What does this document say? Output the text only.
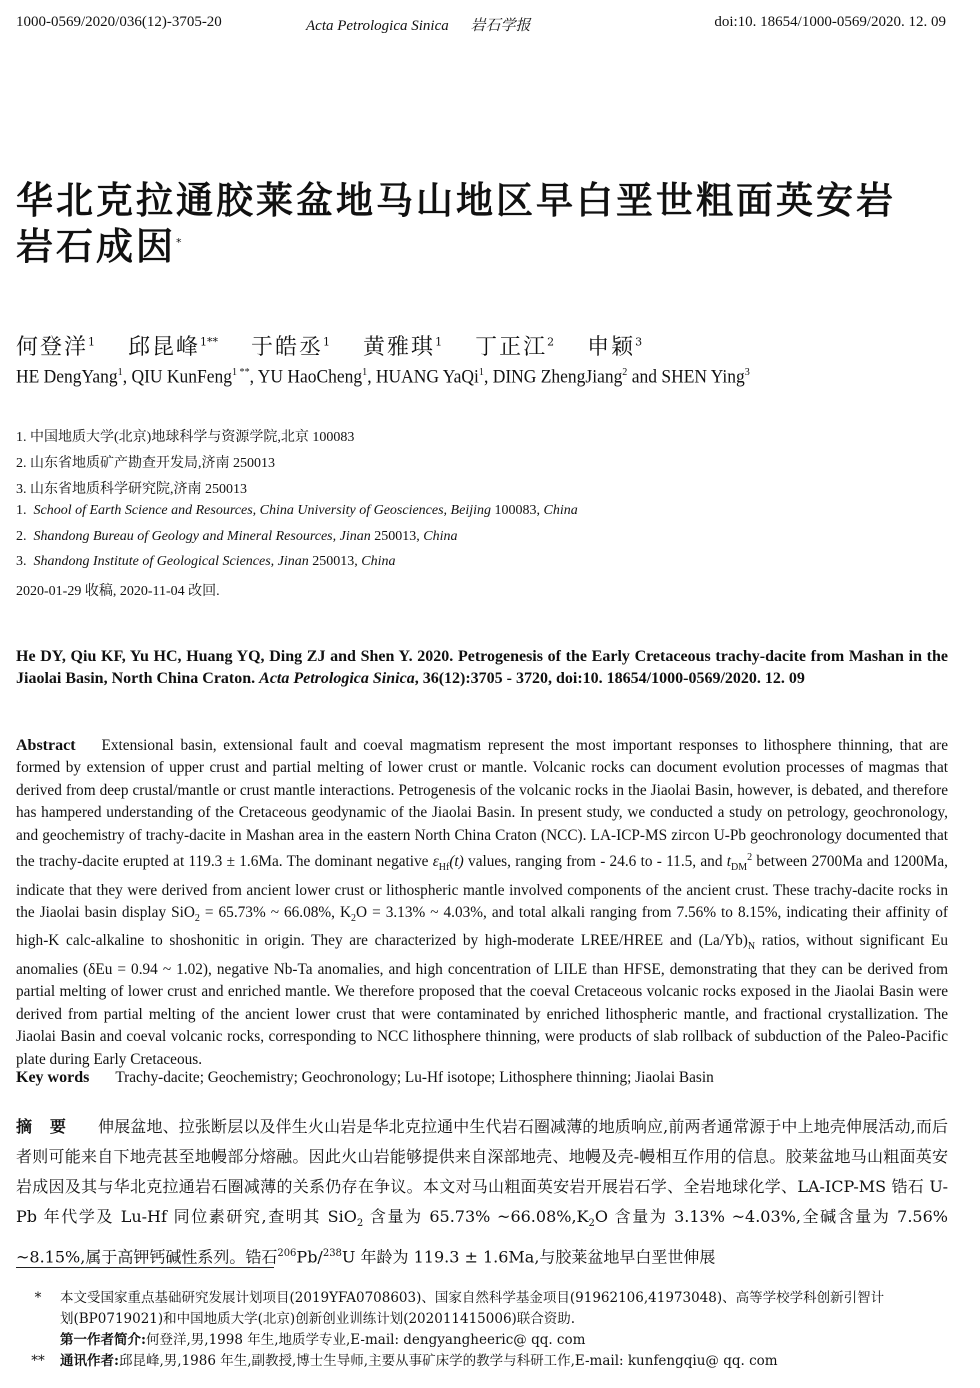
1000-0569/2020/036(12)-3705-20	Acta Petrologica Sinica 岩石学报	doi:10. 18654/1000-0569/2020. 12. 09
华北克拉通胶莱盆地马山地区早白垩世粗面英安岩
岩石成因*
何登洋$^1$ 邱昆峰$^{1**}$ 于皓丞$^1$ 黄雅琪$^1$ 丁正江$^2$ 申颖$^3$
HE DengYang$^1$, QIU KunFeng$^{1 **}$, YU HaoCheng$^1$, HUANG YaQi$^1$, DING ZhengJiang$^2$ and SHEN Ying$^3$
1. 中国地质大学(北京)地球科学与资源学院,北京 100083
2. 山东省地质矿产勘查开发局,济南 250013
3. 山东省地质科学研究院,济南 250013
1. School of Earth Science and Resources, China University of Geosciences, Beijing 100083, China
2. Shandong Bureau of Geology and Mineral Resources, Jinan 250013, China
3. Shandong Institute of Geological Sciences, Jinan 250013, China
2020-01-29 收稿, 2020-11-04 改回.
He DY, Qiu KF, Yu HC, Huang YQ, Ding ZJ and Shen Y. 2020. Petrogenesis of the Early Cretaceous trachy-dacite from Mashan in the Jiaolai Basin, North China Craton. Acta Petrologica Sinica, 36(12):3705 - 3720, doi:10. 18654/1000-0569/2020. 12. 09
Abstract Extensional basin, extensional fault and coeval magmatism represent the most important responses to lithosphere thinning, that are formed by extension of upper crust and partial melting of lower crust or mantle. Volcanic rocks can document evolution processes of magmas that derived from deep crustal/mantle or crust mantle interactions. Petrogenesis of the volcanic rocks in the Jiaolai Basin, however, is debated, and therefore has hampered understanding of the Cretaceous geodynamic of the Jiaolai Basin. In present study, we conducted a study on petrology, geochronology, and geochemistry of trachy-dacite in Mashan area in the eastern North China Craton (NCC). LA-ICP-MS zircon U-Pb geochronology documented that the trachy-dacite erupted at 119.3 ± 1.6Ma. The dominant negative $\varepsilon_{Hf}(t)$ values, ranging from - 24.6 to - 11.5, and $t_{DM}^2$ between 2700Ma and 1200Ma, indicate that they were derived from ancient lower crust or lithospheric mantle involved components of the ancient crust. These trachy-dacite rocks in the Jiaolai basin display SiO$_2$ = 65.73% ~ 66.08%, $K_2O = 3.13\%$ ~ 4.03%, and total alkali ranging from 7.56% to 8.15%, indicating their affinity of high-K calc-alkaline to shoshonitic in origin. They are characterized by high-moderate LREE/HREE and $(La/Yb)_N$ ratios, without significant Eu anomalies (δEu = 0.94 ~ 1.02), negative Nb-Ta anomalies, and high concentration of LILE than HFSE, demonstrating that they can be derived from partial melting of lower crust and enriched mantle. We therefore proposed that the coeval Cretaceous volcanic rocks exposed in the Jiaolai Basin were derived from partial melting of the ancient lower crust that were contaminated by enriched lithospheric mantle, and fractional crystallization. The Jiaolai Basin and coeval volcanic rocks, corresponding to NCC lithosphere thinning, were products of slab rollback of subduction of the Paleo-Pacific plate during Early Cretaceous.
Key words Trachy-dacite; Geochemistry; Geochronology; Lu-Hf isotope; Lithosphere thinning; Jiaolai Basin
摘 要 伸展盆地、拉张断层以及伴生火山岩是华北克拉通中生代岩石圈减薄的地质响应,前两者通常源于中上地壳伸展活动,而后者则可能来自下地壳甚至地幔部分熔融。因此火山岩能够提供来自深部地壳、地幔及壳-幔相互作用的信息。胶莱盆地马山粗面英安岩成因及其与华北克拉通岩石圈减薄的关系仍存在争议。本文对马山粗面英安岩开展岩石学、全岩地球化学、LA-ICP-MS 锆石 U-Pb 年代学及 Lu-Hf 同位素研究,查明其 SiO$_2$ 含量为 65.73% $\sim 66.08\%,K_2O$ 含量为 3.13% ~4.03%,全碱含量为 7.56% ~8.15%,属于高钾钙碱性系列。锆石$^{206}$Pb/$^{238}$U 年龄为 119.3 ± 1.6Ma,与胶莱盆地早白垩世伸展
* 本文受国家重点基础研究发展计划项目(2019YFA0708603)、国家自然科学基金项目(91962106,41973048)、高等学校学科创新引智计
划(BP0719021)和中国地质大学(北京)创新创业训练计划(202011415006)联合资助.
第一作者简介:何登洋,男,1998 年生,地质学专业,E-mail: dengyangheeric@ qq. com
** 通讯作者:邱昆峰,男,1986 年生,副教授,博士生导师,主要从事矿床学的教学与科研工作,E-mail: kunfengqiu@ qq. com
